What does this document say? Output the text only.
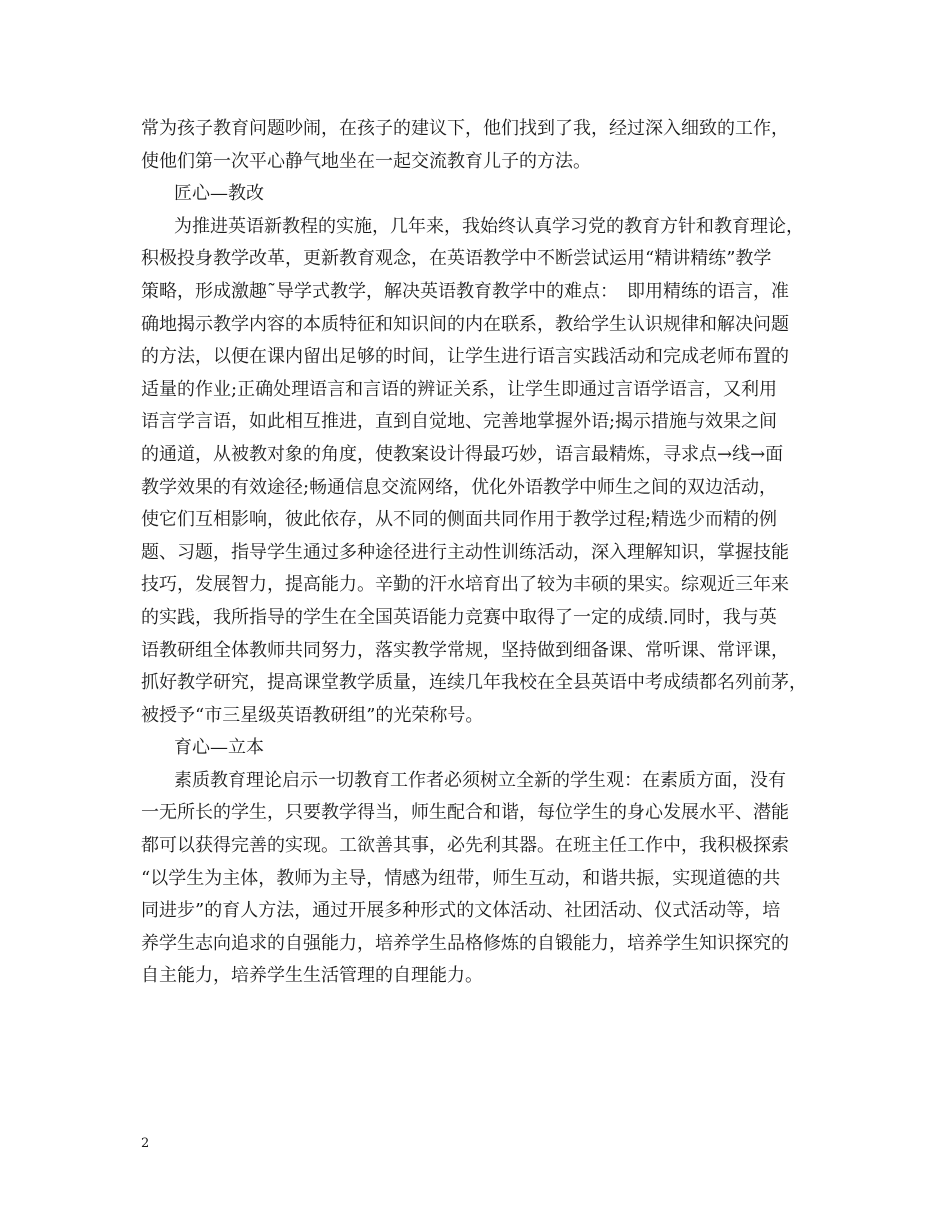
常为孩子教育问题吵闹，在孩子的建议下，他们找到了我，经过深入细致的工作，
使他们第一次平心静气地坐在一起交流教育儿子的方法。
匠心—教改
为推进英语新教程的实施，几年来，我始终认真学习党的教育方针和教育理论，
积极投身教学改革，更新教育观念，在英语教学中不断尝试运用“精讲精练”教学
策略，形成激趣˜导学式教学，解决英语教育教学中的难点：　即用精练的语言，准
确地揭示教学内容的本质特征和知识间的内在联系，教给学生认识规律和解决问题
的方法，以便在课内留出足够的时间，让学生进行语言实践活动和完成老师布置的
适量的作业;正确处理语言和言语的辨证关系，让学生即通过言语学语言，又利用
语言学言语，如此相互推进，直到自觉地、完善地掌握外语;揭示措施与效果之间
的通道，从被教对象的角度，使教案设计得最巧妙，语言最精炼，寻求点→线→面
教学效果的有效途径;畅通信息交流网络，优化外语教学中师生之间的双边活动，
使它们互相影响，彼此依存，从不同的侧面共同作用于教学过程;精选少而精的例
题、习题，指导学生通过多种途径进行主动性训练活动，深入理解知识，掌握技能
技巧，发展智力，提高能力。辛勤的汗水培育出了较为丰硕的果实。综观近三年来
的实践，我所指导的学生在全国英语能力竞赛中取得了一定的成绩.同时，我与英
语教研组全体教师共同努力，落实教学常规，坚持做到细备课、常听课、常评课，
抓好教学研究，提高课堂教学质量，连续几年我校在全县英语中考成绩都名列前茅，
被授予“市三星级英语教研组”的光荣称号。
育心—立本
素质教育理论启示一切教育工作者必须树立全新的学生观：在素质方面，没有
一无所长的学生，只要教学得当，师生配合和谐，每位学生的身心发展水平、潜能
都可以获得完善的实现。工欲善其事，必先利其器。在班主任工作中，我积极探索
“以学生为主体，教师为主导，情感为纽带，师生互动，和谐共振，实现道德的共
同进步”的育人方法，通过开展多种形式的文体活动、社团活动、仪式活动等，培
养学生志向追求的自强能力，培养学生品格修炼的自锻能力，培养学生知识探究的
自主能力，培养学生生活管理的自理能力。
2
